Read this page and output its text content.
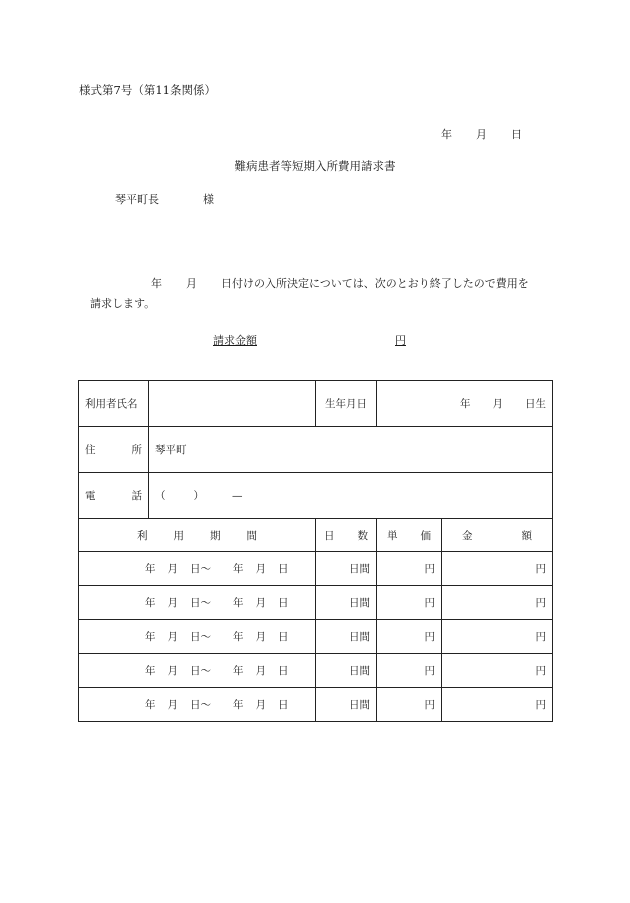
様式第7号（第11条関係）
年 月 日
難病患者等短期入所費用請求書
琴平町長	様
年 月 日付けの入所決定については、次のとおり終了したので費用を
請求します。
請求金額	円
利用者氏名		生年月日	年 月 日生	

住 所	琴平町			

電 話	（ ） —			

利 用 期 間		日 数	単 価	金 額

年 月 日〜 年 月 日		日間	円	円
年 月 日〜 年 月 日		日間	円	円
年 月 日〜 年 月 日		日間	円	円
年 月 日〜 年 月 日		日間	円	円
年 月 日〜 年 月 日		日間	円	円
